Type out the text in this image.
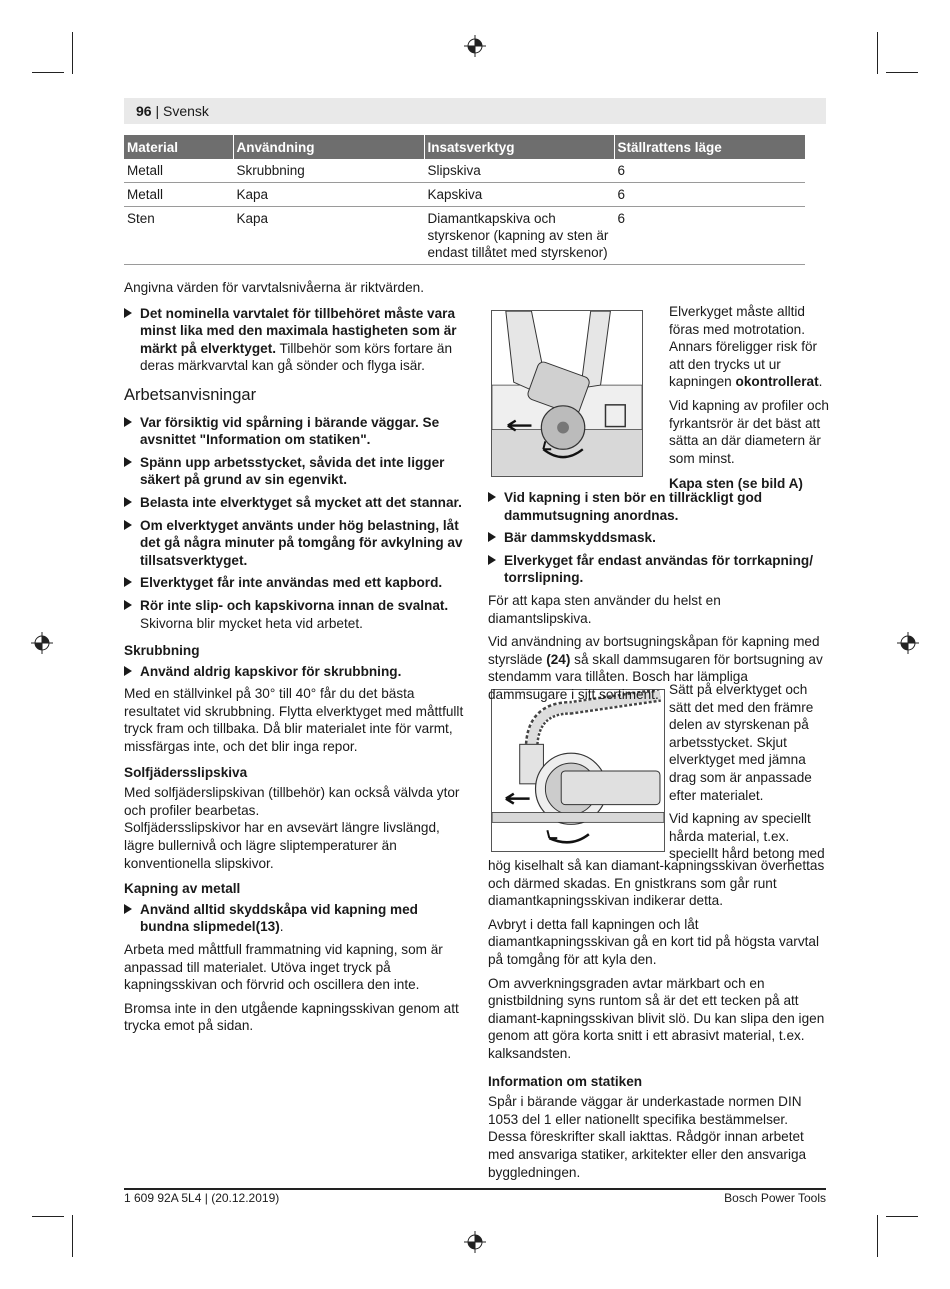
96 | Svensk
Material	Användning	Insatsverktyg	Ställrattens läge
Metall	Skrubbning	Slipskiva	6
Metall	Kapa	Kapskiva	6
Sten	Kapa	Diamantkapskiva och styrskenor (kapning av sten är endast tillåtet med styrskenor)	6

Angivna värden för varvtalsnivåerna är riktvärden.

Det nominella varvtalet för tillbehöret måste vara minst lika med den maximala hastigheten som är märkt på elverktyget. Tillbehör som körs fortare än deras märkvarvtal kan gå sönder och flyga isär.
Arbetsanvisningar
Var försiktig vid spårning i bärande väggar. Se avsnittet "Information om statiken".
Spänn upp arbetsstycket, såvida det inte ligger säkert på grund av sin egenvikt.
Belasta inte elverktyget så mycket att det stannar.
Om elverktyget använts under hög belastning, låt det gå några minuter på tomgång för avkylning av tillsatsverktyget.
Elverktyget får inte användas med ett kapbord.
Rör inte slip- och kapskivorna innan de svalnat.
Skivorna blir mycket heta vid arbetet.
Skrubbning
Använd aldrig kapskivor för skrubbning.

Med en ställvinkel på 30° till 40° får du det bästa resultatet vid skrubbning. Flytta elverktyget med måttfullt tryck fram och tillbaka. Då blir materialet inte för varmt, missfärgas inte, och det blir inga repor.

Solfjädersslipskiva

Med solfjäderslipskivan (tillbehör) kan också välvda ytor och profiler bearbetas.

Solfjädersslipskivor har en avsevärt längre livslängd, lägre bullernivå och lägre sliptemperaturer än konventionella slipskivor.

Kapning av metall
Använd alltid skyddskåpa vid kapning med bundna slipmedel(13).

Arbeta med måttfull frammatning vid kapning, som är anpassad till materialet. Utöva inget tryck på kapningsskivan och förvrid och oscillera den inte.

Bromsa inte in den utgående kapningsskivan genom att trycka emot på sidan.

Elverkyget måste alltid föras med motrotation. Annars föreligger risk för att den trycks ut ur kapningen okontrollerat.

Vid kapning av profiler och fyrkantsrör är det bäst att sätta an där diametern är som minst.

Kapa sten (se bild A)
Vid kapning i sten bör en tillräckligt god dammutsugning anordnas.
Bär dammskyddsmask.
Elverkyget får endast användas för torrkapning/ torrslipning.

För att kapa sten använder du helst en diamantslipskiva.

Vid användning av bortsugningskåpan för kapning med styrsläde (24) så skall dammsugaren för bortsugning av stendamm vara tillåten. Bosch har lämpliga dammsugare i sitt sortiment. Sätt på elverktyget och sätt det med den främre delen av styrskenan på arbetsstycket. Skjut elverktyget med jämna drag som är anpassade efter materialet.

Vid kapning av speciellt hårda material, t.ex. speciellt hård betong med

hög kiselhalt så kan diamant-kapningsskivan överhettas och därmed skadas. En gnistkrans som går runt diamantkapningsskivan indikerar detta.

Avbryt i detta fall kapningen och låt diamantkapningsskivan gå en kort tid på högsta varvtal på tomgång för att kyla den.

Om avverkningsgraden avtar märkbart och en gnistbildning syns runtom så är det ett tecken på att diamant-kapningsskivan blivit slö. Du kan slipa den igen genom att göra korta snitt i ett abrasivt material, t.ex. kalksandsten.

Information om statiken

Spår i bärande väggar är underkastade normen DIN 1053 del 1 eller nationellt specifika bestämmelser. Dessa föreskrifter skall iakttas. Rådgör innan arbetet med ansvariga statiker, arkitekter eller den ansvariga byggledningen.

1 609 92A 5L4 | (20.12.2019)	Bosch Power Tools
